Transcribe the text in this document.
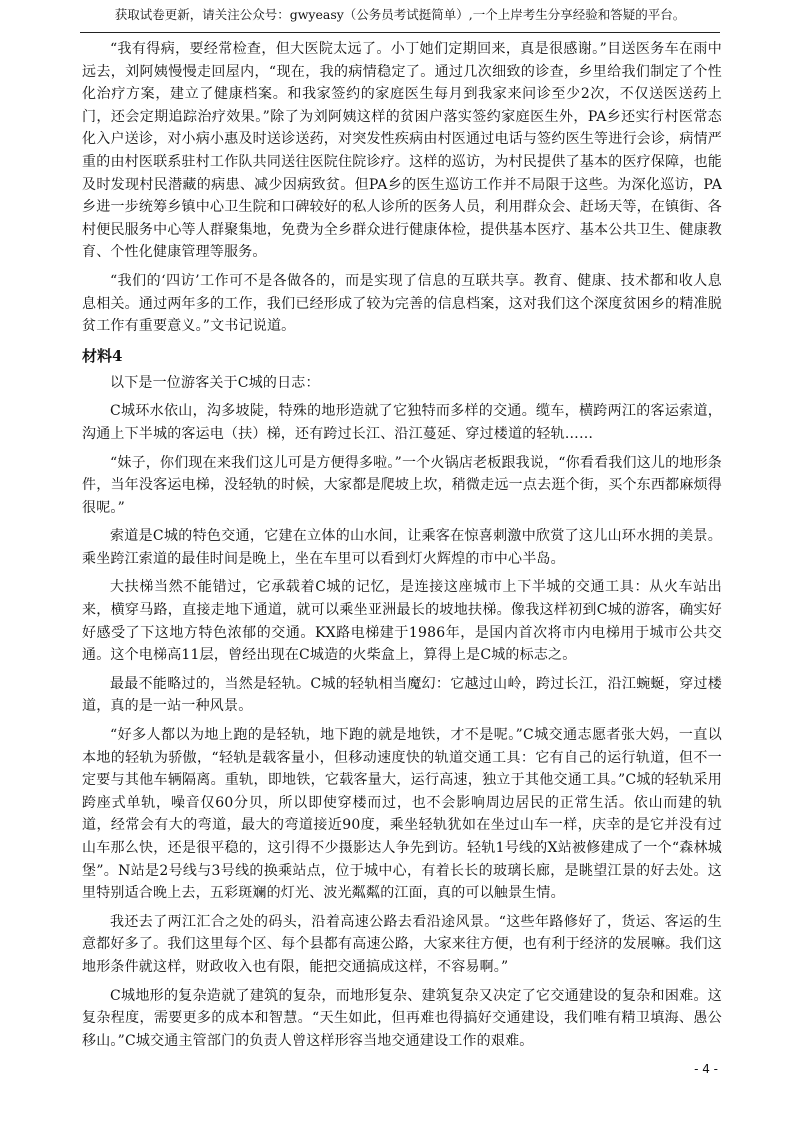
获取试卷更新，请关注公众号：gwyeasy（公务员考试挺简单）,一个上岸考生分享经验和答疑的平台。

“我有得病，要经常检查，但大医院太远了。小丁她们定期回来，真是很感谢。”目送医务车在雨中远去，刘阿姨慢慢走回屋内，“现在，我的病情稳定了。通过几次细致的诊查，乡里给我们制定了个性化治疗方案，建立了健康档案。和我家签约的家庭医生每月到我家来问诊至少2次，不仅送医送药上门，还会定期追踪治疗效果。”除了为刘阿姨这样的贫困户落实签约家庭医生外，PA乡还实行村医常态化入户送诊，对小病小惠及时送诊送药，对突发性疾病由村医通过电话与签约医生等进行会诊，病情严重的由村医联系驻村工作队共同送往医院住院诊疗。这样的巡访，为村民提供了基本的医疗保障，也能及时发现村民潜藏的病患、减少因病致贫。但PA乡的医生巡访工作并不局限于这些。为深化巡访，PA乡进一步统筹乡镇中心卫生院和口碑较好的私人诊所的医务人员，利用群众会、赶场天等，在镇街、各村便民服务中心等人群聚集地，免费为全乡群众进行健康体检，提供基本医疗、基本公共卫生、健康教育、个性化健康管理等服务。

“我们的‘四访’工作可不是各做各的，而是实现了信息的互联共享。教育、健康、技术都和收人息息相关。通过两年多的工作，我们已经形成了较为完善的信息档案，这对我们这个深度贫困乡的精准脱贫工作有重要意义。”文书记说道。

材料4

以下是一位游客关于C城的日志：

C城环水依山，沟多坡陡，特殊的地形造就了它独特而多样的交通。缆车，横跨两江的客运索道，沟通上下半城的客运电（扶）梯，还有跨过长江、沿江蔓延、穿过楼道的轻轨……

“妹子，你们现在来我们这儿可是方便得多啦。”一个火锅店老板跟我说，“你看看我们这儿的地形条件，当年没客运电梯，没轻轨的时候，大家都是爬坡上坎，稍微走远一点去逛个街，买个东西都麻烦得很呢。”

索道是C城的特色交通，它建在立体的山水间，让乘客在惊喜刺激中欣赏了这儿山环水拥的美景。乘坐跨江索道的最佳时间是晚上，坐在车里可以看到灯火辉煌的市中心半岛。

大扶梯当然不能错过，它承载着C城的记忆，是连接这座城市上下半城的交通工具：从火车站出来，横穿马路，直接走地下通道，就可以乘坐亚洲最长的坡地扶梯。像我这样初到C城的游客，确实好好感受了下这地方特色浓郁的交通。KX路电梯建于1986年，是国内首次将市内电梯用于城市公共交通。这个电梯高11层，曾经出现在C城造的火柴盒上，算得上是C城的标志之。

最最不能略过的，当然是轻轨。C城的轻轨相当魔幻：它越过山岭，跨过长江，沿江蜿蜒，穿过楼道，真的是一站一种风景。

“好多人都以为地上跑的是轻轨，地下跑的就是地铁，才不是呢。”C城交通志愿者张大妈，一直以本地的轻轨为骄傲，“轻轨是载客量小，但移动速度快的轨道交通工具：它有自己的运行轨道，但不一定要与其他车辆隔离。重轨，即地铁，它载客量大，运行高速，独立于其他交通工具。”C城的轻轨采用跨座式单轨，噪音仅60分贝，所以即使穿楼而过，也不会影响周边居民的正常生活。依山而建的轨道，经常会有大的弯道，最大的弯道接近90度，乘坐轻轨犹如在坐过山车一样，庆幸的是它并没有过山车那么快，还是很平稳的，这引得不少摄影达人争先到访。轻轨1号线的X站被修建成了一个“森林城堡”。N站是2号线与3号线的换乘站点，位于城中心，有着长长的玻璃长廊，是眺望江景的好去处。这里特别适合晚上去，五彩斑斓的灯光、波光粼粼的江面，真的可以触景生情。

我还去了两江汇合之处的码头，沿着高速公路去看沿途风景。“这些年路修好了，货运、客运的生意都好多了。我们这里每个区、每个县都有高速公路，大家来往方便，也有利于经济的发展嘛。我们这地形条件就这样，财政收入也有限，能把交通搞成这样，不容易啊。”

C城地形的复杂造就了建筑的复杂，而地形复杂、建筑复杂又决定了它交通建设的复杂和困难。这复杂程度，需要更多的成本和智慧。“天生如此，但再难也得搞好交通建设，我们唯有精卫填海、愚公移山。”C城交通主管部门的负责人曾这样形容当地交通建设工作的艰难。

- 4 -
